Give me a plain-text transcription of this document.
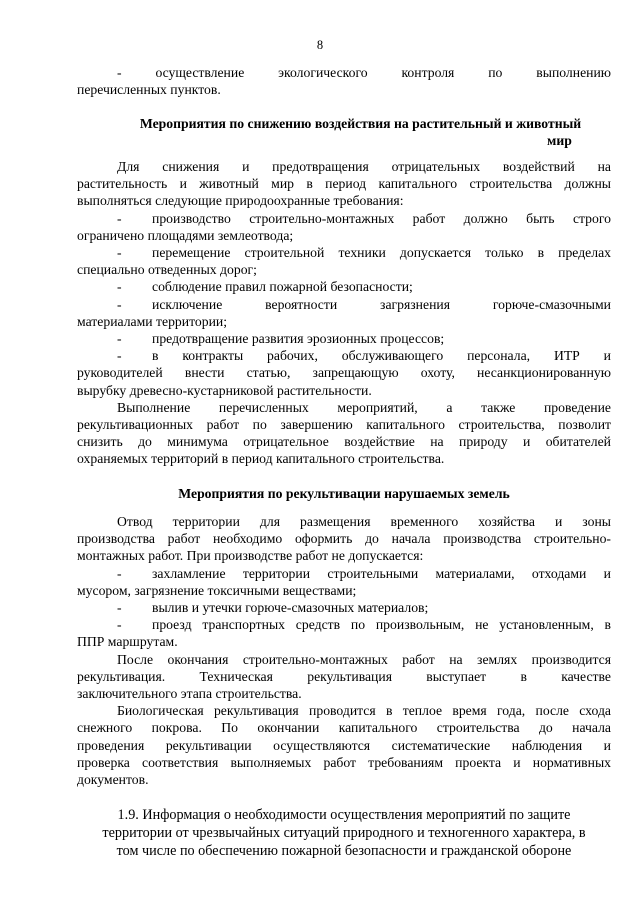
8

- осуществление экологического контроля по выполнению

перечисленных пунктов.

Мероприятия по снижению воздействия на растительный и животный
мир

Для снижения и предотвращения отрицательных воздействий на

растительность и животный мир в период капитального строительства должны

выполняться следующие природоохранные требования:

- производство строительно-монтажных работ должно быть строго

ограничено площадями землеотвода;

- перемещение строительной техники допускается только в пределах

специально отведенных дорог;

- соблюдение правил пожарной безопасности;

- исключение вероятности загрязнения горюче-смазочными

материалами территории;

- предотвращение развития эрозионных процессов;

- в контракты рабочих, обслуживающего персонала, ИТР и

руководителей внести статью, запрещающую охоту, несанкционированную

вырубку древесно-кустарниковой растительности.

Выполнение перечисленных мероприятий, а также проведение

рекультивационных работ по завершению капитального строительства, позволит

снизить до минимума отрицательное воздействие на природу и обитателей

охраняемых территорий в период капитального строительства.

Мероприятия по рекультивации нарушаемых земель

Отвод территории для размещения временного хозяйства и зоны

производства работ необходимо оформить до начала производства строительно-

монтажных работ. При производстве работ не допускается:

- захламление территории строительными материалами, отходами и

мусором, загрязнение токсичными веществами;

- вылив и утечки горюче-смазочных материалов;

- проезд транспортных средств по произвольным, не установленным, в

ППР маршрутам.

После окончания строительно-монтажных работ на землях производится

рекультивация. Техническая рекультивация выступает в качестве

заключительного этапа строительства.

Биологическая рекультивация проводится в теплое время года, после схода

снежного покрова. По окончании капитального строительства до начала

проведения рекультивации осуществляются систематические наблюдения и

проверка соответствия выполняемых работ требованиям проекта и нормативных

документов.

1.9. Информация о необходимости осуществления мероприятий по защите
территории от чрезвычайных ситуаций природного и техногенного характера, в
том числе по обеспечению пожарной безопасности и гражданской обороне
